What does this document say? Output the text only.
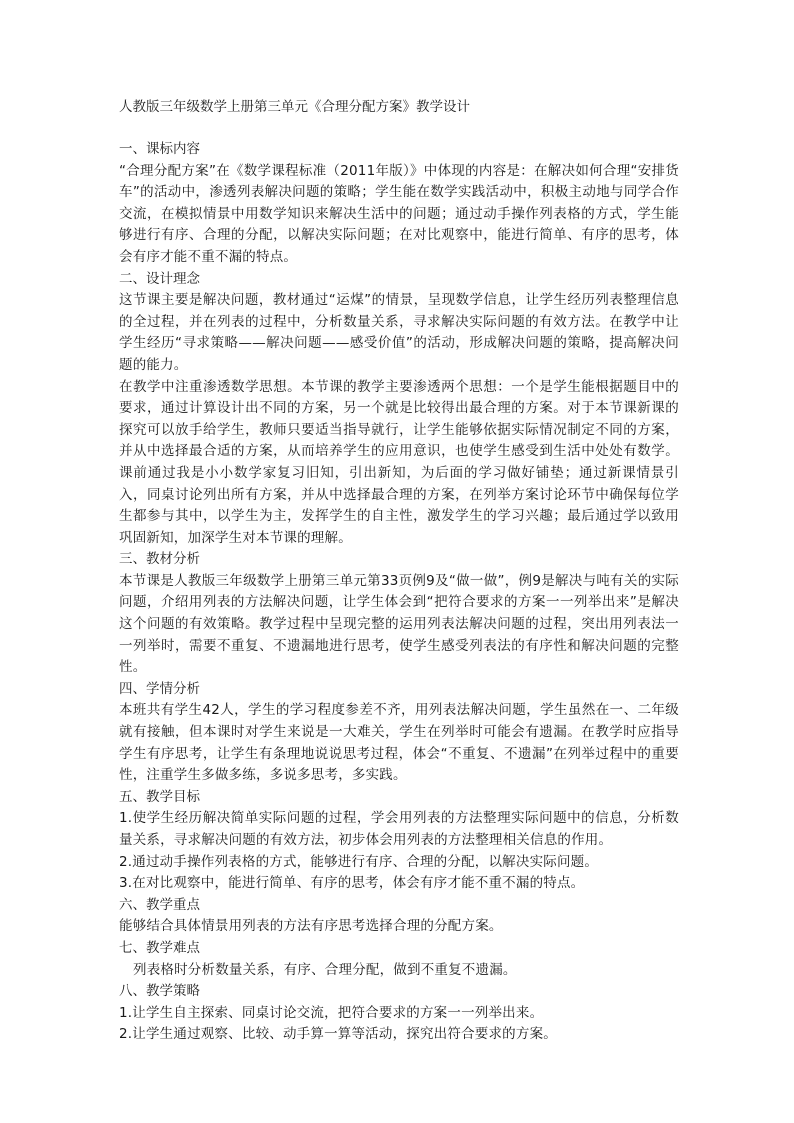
人教版三年级数学上册第三单元《合理分配方案》教学设计
一、课标内容

“合理分配方案”在《数学课程标准（2011年版）》中体现的内容是：在解决如何合理“安排货车”的活动中，渗透列表解决问题的策略；学生能在数学实践活动中，积极主动地与同学合作交流，在模拟情景中用数学知识来解决生活中的问题；通过动手操作列表格的方式，学生能够进行有序、合理的分配，以解决实际问题；在对比观察中，能进行简单、有序的思考，体会有序才能不重不漏的特点。

二、设计理念

这节课主要是解决问题，教材通过“运煤”的情景，呈现数学信息，让学生经历列表整理信息的全过程，并在列表的过程中，分析数量关系，寻求解决实际问题的有效方法。在教学中让学生经历“寻求策略——解决问题——感受价值”的活动，形成解决问题的策略，提高解决问题的能力。

在教学中注重渗透数学思想。本节课的教学主要渗透两个思想：一个是学生能根据题目中的要求，通过计算设计出不同的方案，另一个就是比较得出最合理的方案。对于本节课新课的探究可以放手给学生，教师只要适当指导就行，让学生能够依据实际情况制定不同的方案，并从中选择最合适的方案，从而培养学生的应用意识，也使学生感受到生活中处处有数学。课前通过我是小小数学家复习旧知，引出新知，为后面的学习做好铺垫；通过新课情景引入，同桌讨论列出所有方案，并从中选择最合理的方案，在列举方案讨论环节中确保每位学生都参与其中，以学生为主，发挥学生的自主性，激发学生的学习兴趣；最后通过学以致用巩固新知，加深学生对本节课的理解。

三、教材分析

本节课是人教版三年级数学上册第三单元第33页例9及“做一做”，例9是解决与吨有关的实际问题，介绍用列表的方法解决问题，让学生体会到“把符合要求的方案一一列举出来”是解决这个问题的有效策略。教学过程中呈现完整的运用列表法解决问题的过程，突出用列表法一一列举时，需要不重复、不遗漏地进行思考，使学生感受列表法的有序性和解决问题的完整性。

四、学情分析

本班共有学生42人，学生的学习程度参差不齐，用列表法解决问题，学生虽然在一、二年级就有接触，但本课时对学生来说是一大难关，学生在列举时可能会有遗漏。在教学时应指导学生有序思考，让学生有条理地说说思考过程，体会“不重复、不遗漏”在列举过程中的重要性，注重学生多做多练，多说多思考，多实践。

五、教学目标

1.使学生经历解决简单实际问题的过程，学会用列表的方法整理实际问题中的信息，分析数量关系，寻求解决问题的有效方法，初步体会用列表的方法整理相关信息的作用。

2.通过动手操作列表格的方式，能够进行有序、合理的分配，以解决实际问题。

3.在对比观察中，能进行简单、有序的思考，体会有序才能不重不漏的特点。

六、教学重点

能够结合具体情景用列表的方法有序思考选择合理的分配方案。

七、教学难点

列表格时分析数量关系，有序、合理分配，做到不重复不遗漏。

八、教学策略

1.让学生自主探索、同桌讨论交流，把符合要求的方案一一列举出来。

2.让学生通过观察、比较、动手算一算等活动，探究出符合要求的方案。
